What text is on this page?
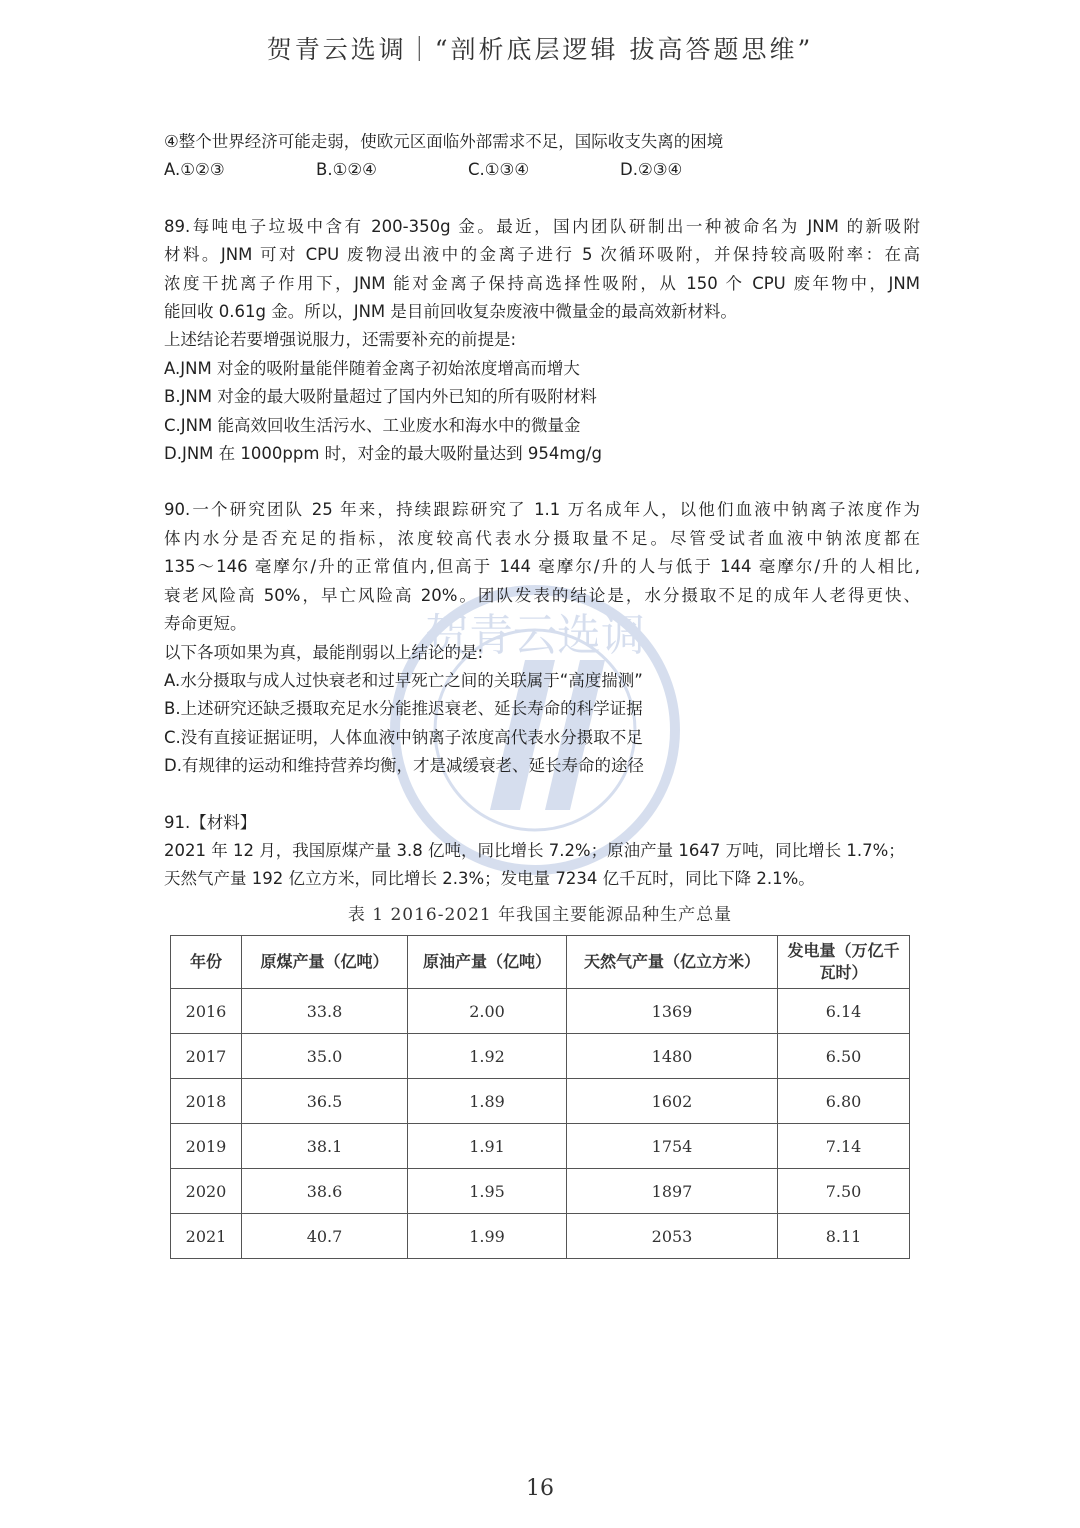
贺青云选调｜“剖析底层逻辑 拔高答题思维”
贺青云选调
④整个世界经济可能走弱，使欧元区面临外部需求不足，国际收支失离的困境
A.①②③	B.①②④	C.①③④	D.②③④
89.每吨电子垃圾中含有 200-350g 金。最近，国内团队研制出一种被命名为 JNM 的新吸附
材料。JNM 可对 CPU 废物浸出液中的金离子进行 5 次循环吸附，并保持较高吸附率：在高
浓度干扰离子作用下，JNM 能对金离子保持高选择性吸附，从 150 个 CPU 废年物中，JNM
能回收 0.61g 金。所以，JNM 是目前回收复杂废液中微量金的最高效新材料。
上述结论若要增强说服力，还需要补充的前提是:
A.JNM 对金的吸附量能伴随着金离子初始浓度增高而增大
B.JNM 对金的最大吸附量超过了国内外已知的所有吸附材料
C.JNM 能高效回收生活污水、工业废水和海水中的微量金
D.JNM 在 1000ppm 时，对金的最大吸附量达到 954mg/g
90.一个研究团队 25 年来，持续跟踪研究了 1.1 万名成年人，以他们血液中钠离子浓度作为
体内水分是否充足的指标，浓度较高代表水分摄取量不足。尽管受试者血液中钠浓度都在
135～146 毫摩尔/升的正常值内,但高于 144 毫摩尔/升的人与低于 144 毫摩尔/升的人相比,
衰老风险高 50%，早亡风险高 20%。团队发表的结论是，水分摄取不足的成年人老得更快、
寿命更短。
以下各项如果为真，最能削弱以上结论的是:
A.水分摄取与成人过快衰老和过早死亡之间的关联属于“高度揣测”
B.上述研究还缺乏摄取充足水分能推迟衰老、延长寿命的科学证据
C.没有直接证据证明，人体血液中钠离子浓度高代表水分摄取不足
D.有规律的运动和维持营养均衡，才是减缓衰老、延长寿命的途径
91.【材料】
2021 年 12 月，我国原煤产量 3.8 亿吨，同比增长 7.2%；原油产量 1647 万吨，同比增长 1.7%；
天然气产量 192 亿立方米，同比增长 2.3%；发电量 7234 亿千瓦时，同比下降 2.1%。
表 1 2016-2021 年我国主要能源品种生产总量
年份	原煤产量（亿吨）	原油产量（亿吨）	天然气产量（亿立方米）	发电量（万亿千瓦时）
2016	33.8	2.00	1369	6.14
2017	35.0	1.92	1480	6.50
2018	36.5	1.89	1602	6.80
2019	38.1	1.91	1754	7.14
2020	38.6	1.95	1897	7.50
2021	40.7	1.99	2053	8.11
16
